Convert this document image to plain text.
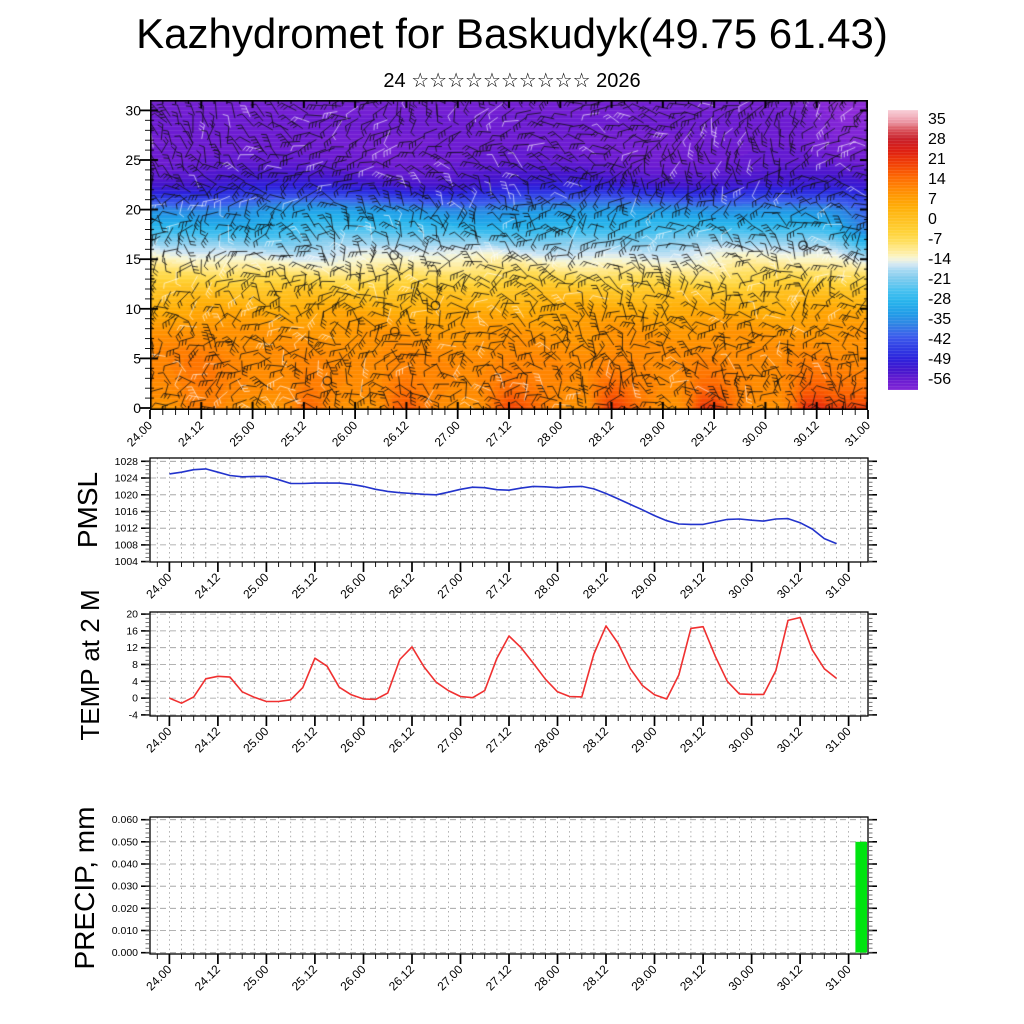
Kazhydromet for Baskudyk(49.75 61.43)
24 ☆☆☆☆☆☆☆☆☆☆ 2026
PMSL
TEMP at 2 M
PRECIP, mm
0
5
10
15
20
25
30
24.00 24.12 25.00 25.12 26.00 26.12 27.00 27.12 28.00 28.12 29.00 29.12 30.00 30.12 31.00
35
28
21
14
7
0
-7
-14
-21
-28
-35
-42
-49
-56
1004
1008
1012
1016
1020
1024
1028
24.00 24.12 25.00 25.12 26.00 26.12 27.00 27.12 28.00 28.12 29.00 29.12 30.00 30.12 31.00
-4
0
4
8
12
16
20
24.00 24.12 25.00 25.12 26.00 26.12 27.00 27.12 28.00 28.12 29.00 29.12 30.00 30.12 31.00
0.000
0.010
0.020
0.030
0.040
0.050
0.060
24.00 24.12 25.00 25.12 26.00 26.12 27.00 27.12 28.00 28.12 29.00 29.12 30.00 30.12 31.00
